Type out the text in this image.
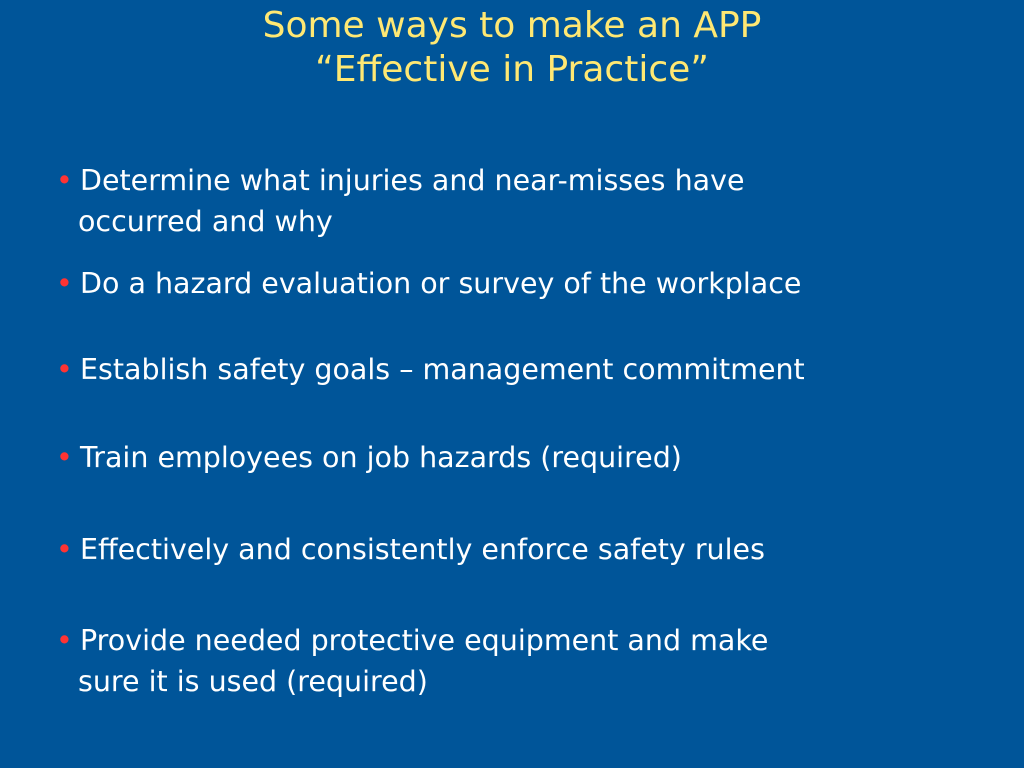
Some ways to make an APP
“Effective in Practice”
• Determine what injuries and near-misses have
occurred and why
• Do a hazard evaluation or survey of the workplace
• Establish safety goals – management commitment
• Train employees on job hazards (required)
• Effectively and consistently enforce safety rules
• Provide needed protective equipment and make
sure it is used (required)
